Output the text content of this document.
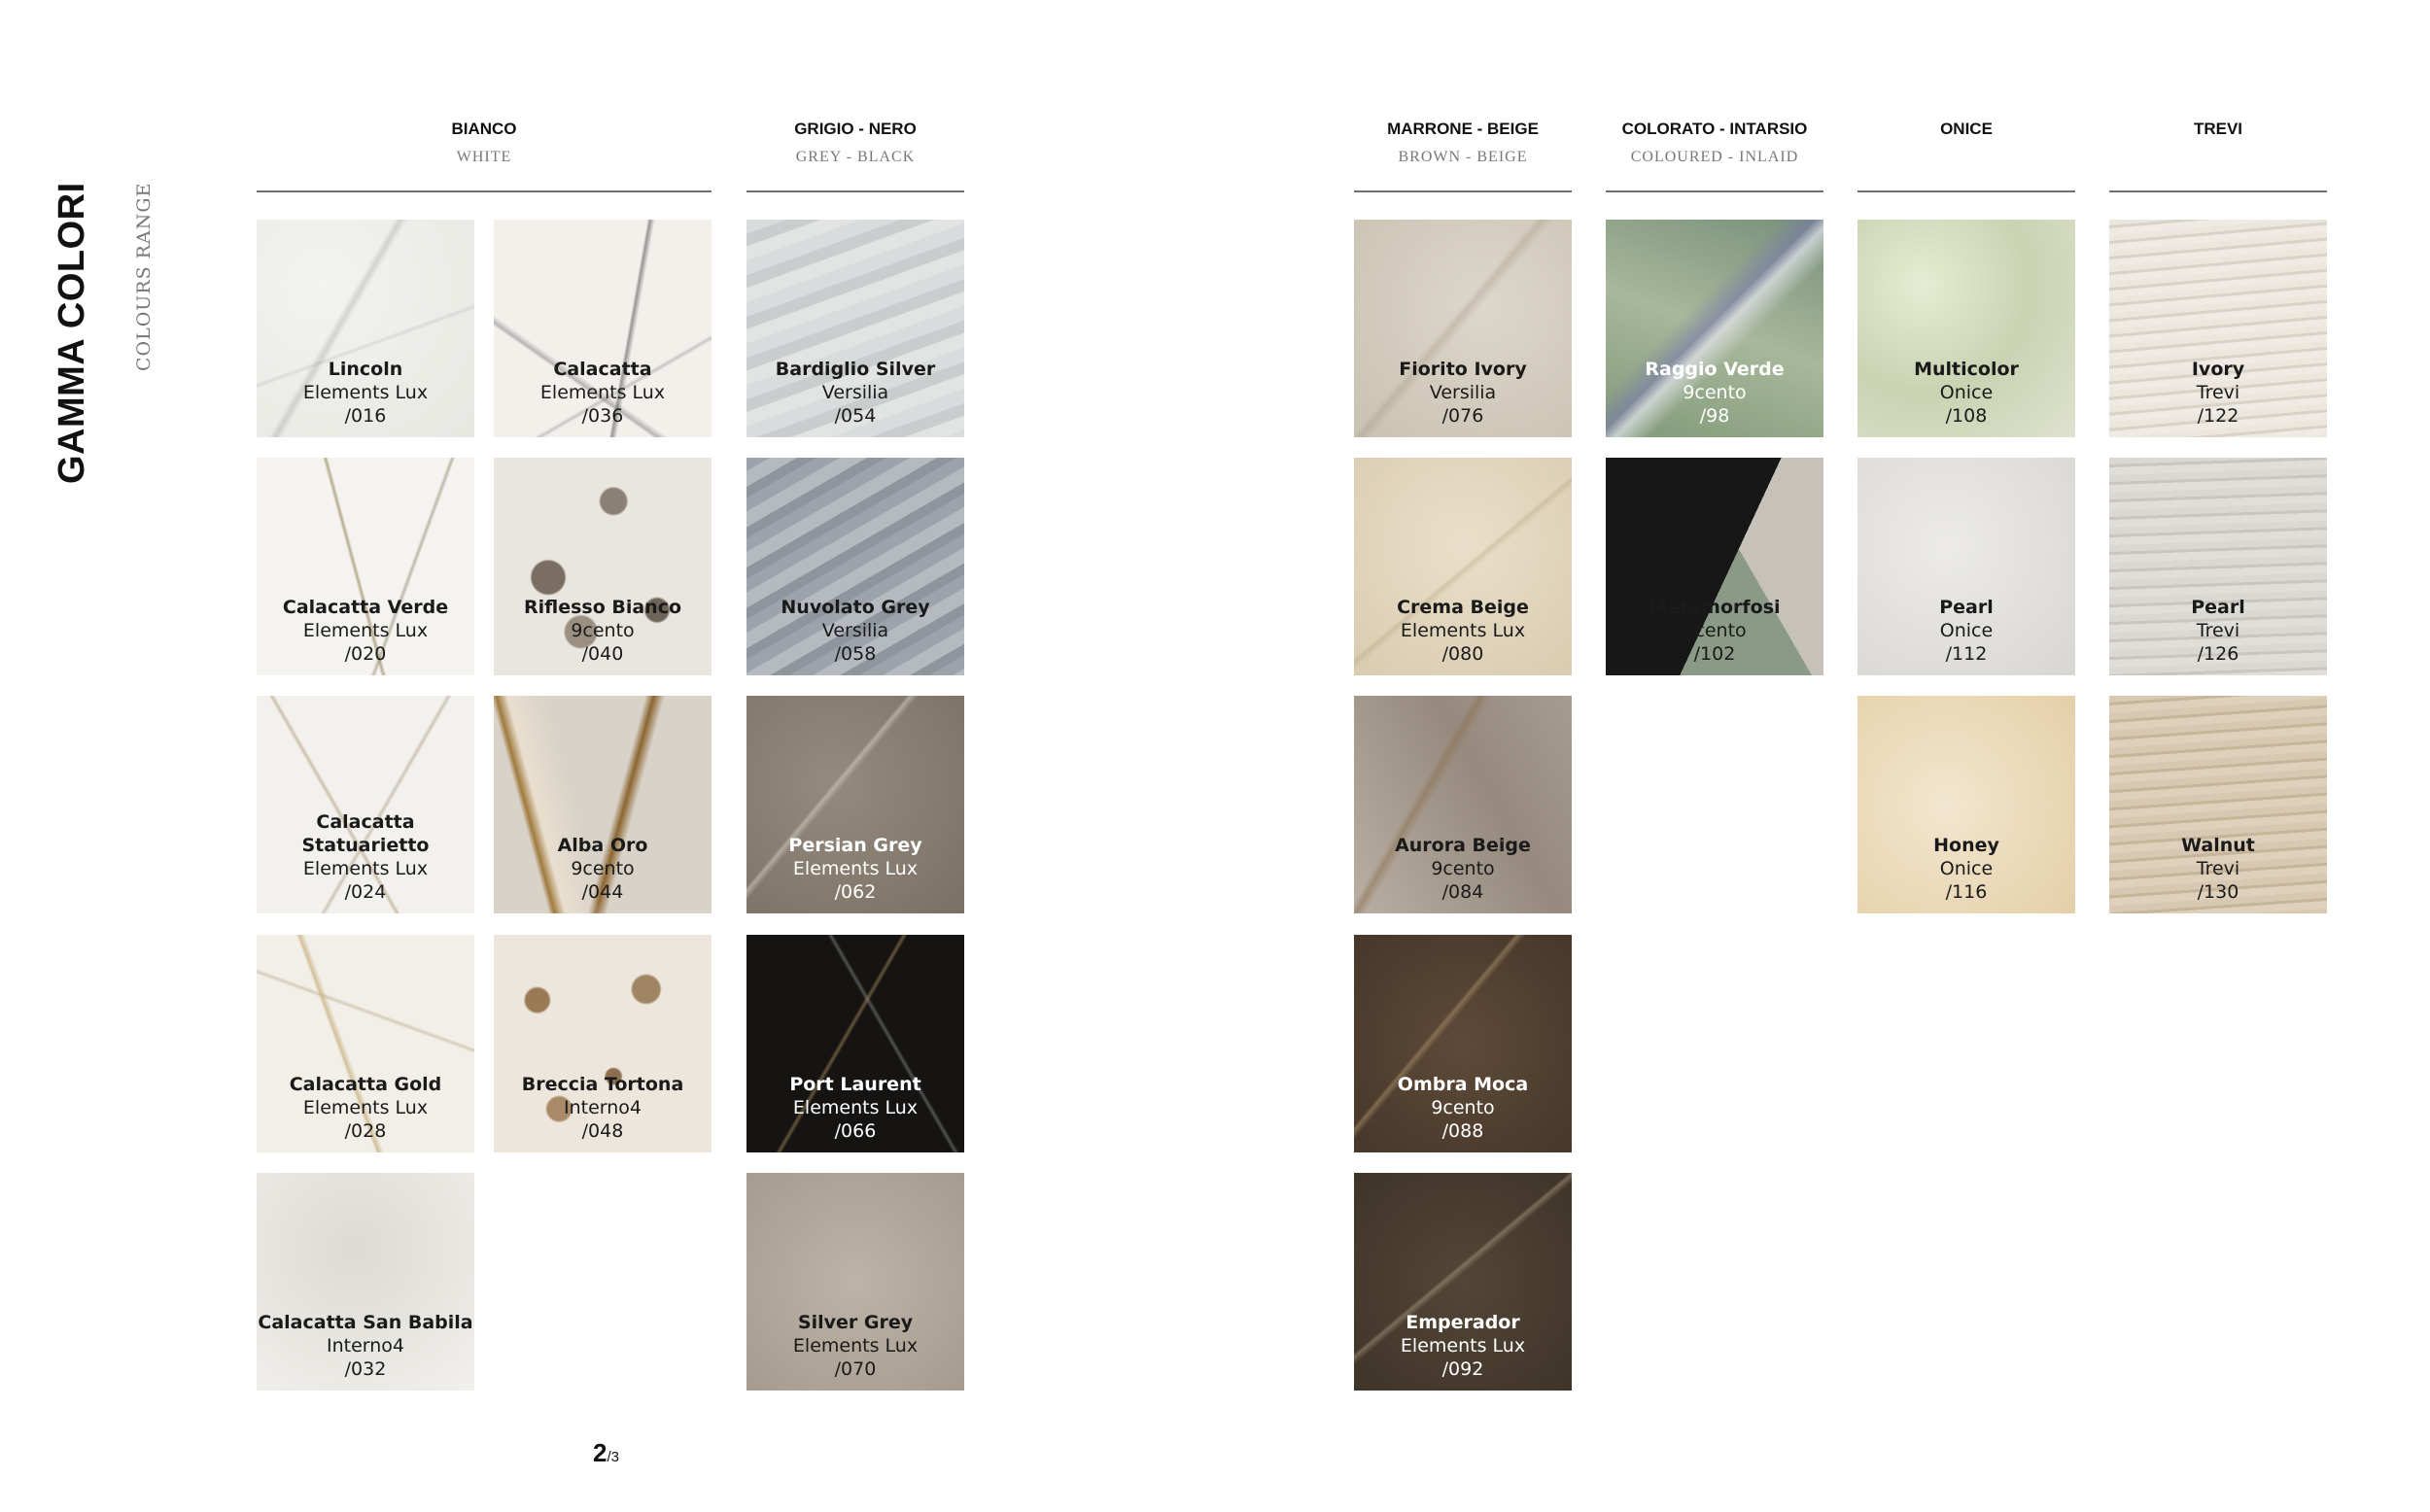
GAMMA COLORI COLOURS RANGE
BIANCO
WHITE
GRIGIO - NERO
GREY - BLACK
MARRONE - BEIGE
BROWN - BEIGE
COLORATO - INTARSIO
COLOURED - INLAID
ONICE	TREVI
Lincoln
Elements Lux
/016
Calacatta
Elements Lux
/036
Bardiglio Silver
Versilia
/054
Fiorito Ivory
Versilia
/076
Raggio Verde
9cento
/98
Multicolor
Onice
/108
Ivory
Trevi
/122
Calacatta Verde
Elements Lux
/020
Riflesso Bianco
9cento
/040
Nuvolato Grey
Versilia
/058
Crema Beige
Elements Lux
/080
Metamorfosi
9cento
/102
Pearl
Onice
/112
Pearl
Trevi
/126
Calacatta Statuarietto
Elements Lux
/024
Alba Oro
9cento
/044
Persian Grey
Elements Lux
/062
Aurora Beige
9cento
/084
Honey
Onice
/116
Walnut
Trevi
/130
Calacatta Gold
Elements Lux
/028
Breccia Tortona
Interno4
/048
Port Laurent
Elements Lux
/066
Ombra Moca
9cento
/088
Calacatta San Babila
Interno4
/032
Silver Grey
Elements Lux
/070
Emperador
Elements Lux
/092
2/3
